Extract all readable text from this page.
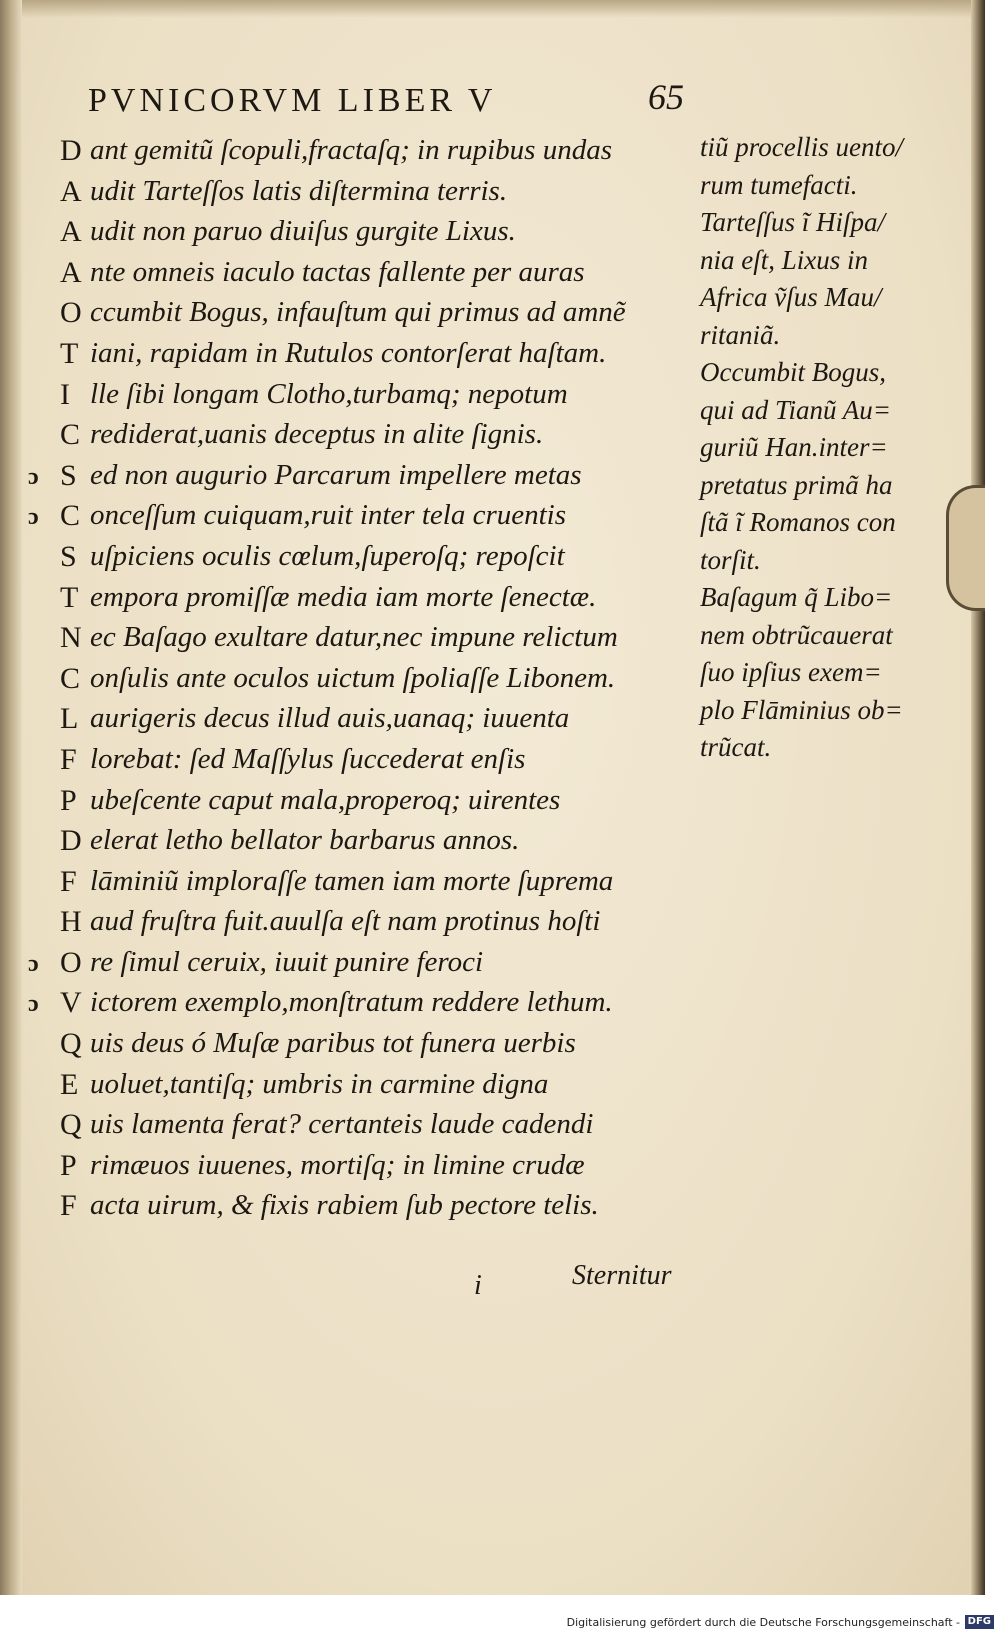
PVNICORVM LIBER V	65
D ant gemitũ ſcopuli,fractaſq; in rupibus undas
A udit Tarteſſos latis diſtermina terris.
A udit non paruo diuiſus gurgite Lixus.
A nte omneis iaculo tactas fallente per auras
O ccumbit Bogus, infauſtum qui primus ad amnẽ
T iani, rapidam in Rutulos contorſerat haſtam.
I lle ſibi longam Clotho,turbamq; nepotum
C rediderat,uanis deceptus in alite ſignis.
ɔ S ed non augurio Parcarum impellere metas
ɔ C onceſſum cuiquam,ruit inter tela cruentis
S uſpiciens oculis cœlum,ſuperoſq; repoſcit
T empora promiſſæ media iam morte ſenectæ.
N ec Baſago exultare datur,nec impune relictum
C onſulis ante oculos uictum ſpoliaſſe Libonem.
L aurigeris decus illud auis,uanaq; iuuenta
F lorebat: ſed Maſſylus ſuccederat enſis
P ubeſcente caput mala,properoq; uirentes
D elerat letho bellator barbarus annos.
F lāminiũ imploraſſe tamen iam morte ſuprema
H aud fruſtra fuit.auulſa eſt nam protinus hoſti
ɔ O re ſimul ceruix, iuuit punire feroci
ɔ V ictorem exemplo,monſtratum reddere lethum.
Q uis deus ó Muſæ paribus tot funera uerbis
E uoluet,tantiſq; umbris in carmine digna
Q uis lamenta ferat? certanteis laude cadendi
P rimæuos iuuenes, mortiſq; in limine crudæ
F acta uirum, & fixis rabiem ſub pectore telis.
tiũ procellis uento/
rum tumefacti.
Tarteſſus ĩ Hiſpa/
nia eſt, Lixus in
Africa ṽſus Mau/
ritaniã.
Occumbit Bogus,
qui ad Tianũ Au=
guriũ Han.inter=
pretatus primã ha
ſtã ĩ Romanos con
torſit.
Baſagum q̃ Libo=
nem obtrũcauerat
ſuo ipſius exem=
plo Flāminius ob=
trũcat.
i	Sternitur
Digitalisierung gefördert durch die Deutsche Forschungsgemeinschaft - DFG
